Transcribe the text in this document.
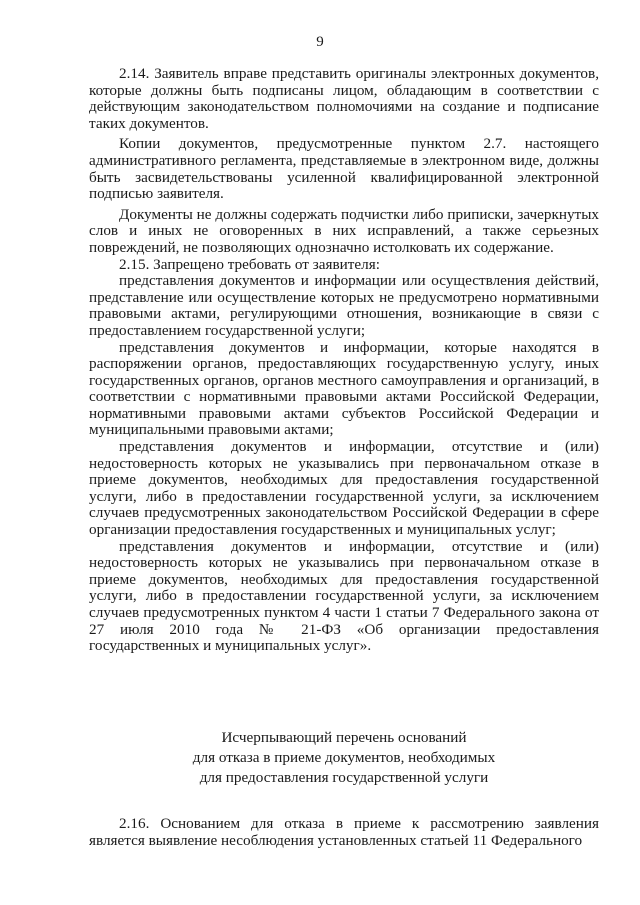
9

2.14. Заявитель вправе представить оригиналы электронных документов, которые должны быть подписаны лицом, обладающим в соответствии с действующим законодательством полномочиями на создание и подписание таких документов.

Копии документов, предусмотренные пунктом 2.7. настоящего административного регламента, представляемые в электронном виде, должны быть засвидетельствованы усиленной квалифицированной электронной подписью заявителя.

Документы не должны содержать подчистки либо приписки, зачеркнутых слов и иных не оговоренных в них исправлений, а также серьезных повреждений, не позволяющих однозначно истолковать их содержание.

2.15. Запрещено требовать от заявителя:

представления документов и информации или осуществления действий, представление или осуществление которых не предусмотрено нормативными правовыми актами, регулирующими отношения, возникающие в связи с предоставлением государственной услуги;

представления документов и информации, которые находятся в распоряжении органов, предоставляющих государственную услугу, иных государственных органов, органов местного самоуправления и организаций, в соответствии с нормативными правовыми актами Российской Федерации, нормативными правовыми актами субъектов Российской Федерации и муниципальными правовыми актами;

представления документов и информации, отсутствие и (или) недостоверность которых не указывались при первоначальном отказе в приеме документов, необходимых для предоставления государственной услуги, либо в предоставлении государственной услуги, за исключением случаев предусмотренных законодательством Российской Федерации в сфере организации предоставления государственных и муниципальных услуг;

представления документов и информации, отсутствие и (или) недостоверность которых не указывались при первоначальном отказе в приеме документов, необходимых для предоставления государственной услуги, либо в предоставлении государственной услуги, за исключением случаев предусмотренных пунктом 4 части 1 статьи 7 Федерального закона от 27 июля 2010 года № 21-ФЗ «Об организации предоставления государственных и муниципальных услуг».

Исчерпывающий перечень оснований
для отказа в приеме документов, необходимых
для предоставления государственной услуги

2.16. Основанием для отказа в приеме к рассмотрению заявления является выявление несоблюдения установленных статьей 11 Федерального
